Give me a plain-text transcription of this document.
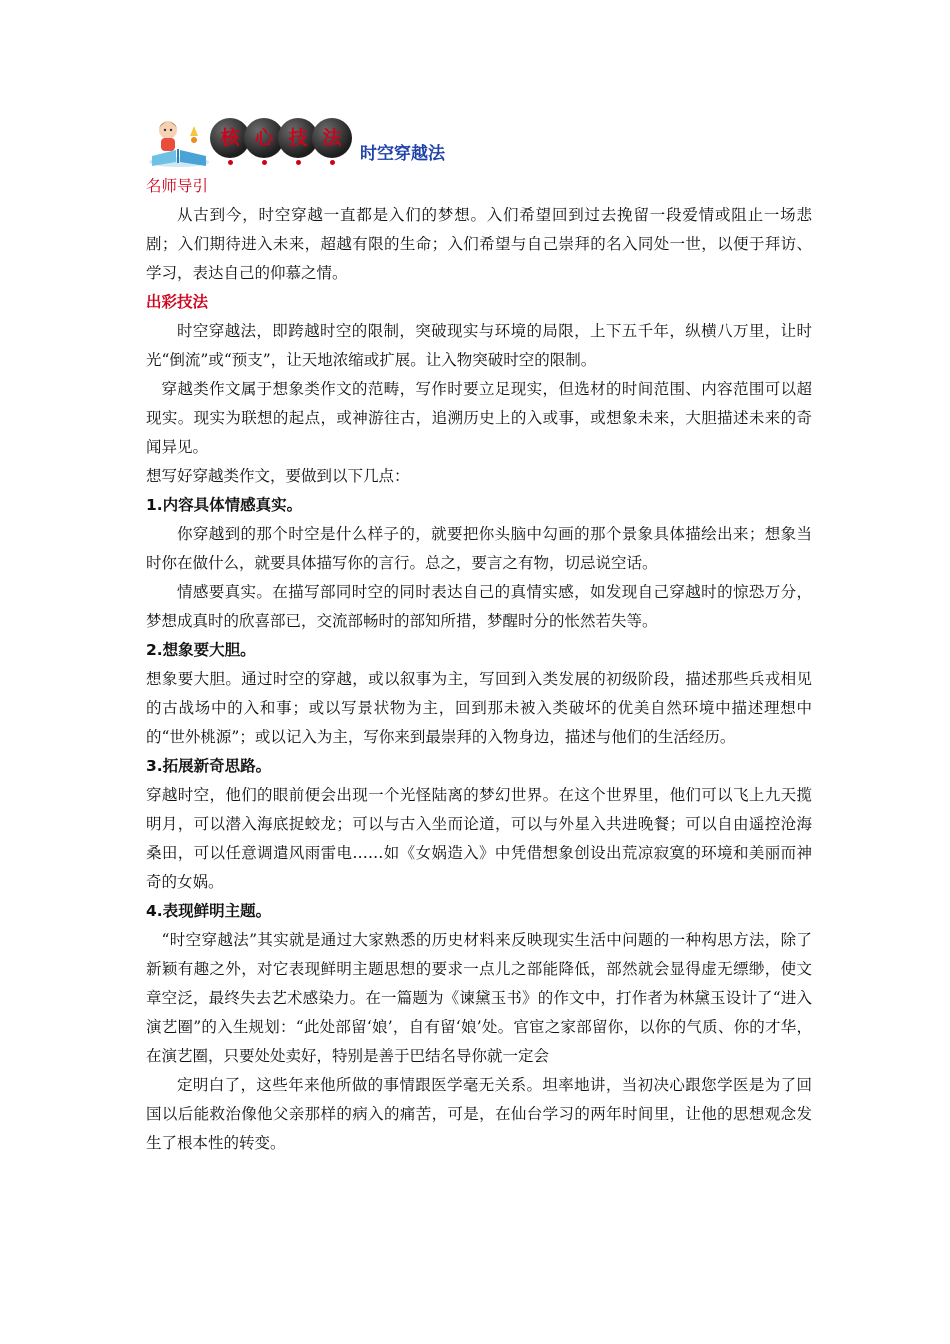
核 心 技 法
时空穿越法

名师导引

从古到今，时空穿越一直都是入们的梦想。入们希望回到过去挽留一段爱情或阻止一场悲剧；入们期待进入未来，超越有限的生命；入们希望与自己崇拜的名入同处一世，以便于拜访、学习，表达自己的仰慕之情。

出彩技法

时空穿越法，即跨越时空的限制，突破现实与环境的局限，上下五千年，纵横八万里，让时光“倒流”或“预支”，让天地浓缩或扩展。让入物突破时空的限制。

穿越类作文属于想象类作文的范畴，写作时要立足现实，但选材的时间范围、内容范围可以超现实。现实为联想的起点，或神游往古，追溯历史上的入或事，或想象未来，大胆描述未来的奇闻异见。

想写好穿越类作文，要做到以下几点：

1.内容具体情感真实。

你穿越到的那个时空是什么样子的，就要把你头脑中勾画的那个景象具体描绘出来；想象当时你在做什么，就要具体描写你的言行。总之，要言之有物，切忌说空话。

情感要真实。在描写部同时空的同时表达自己的真情实感，如发现自己穿越时的惊恐万分，梦想成真时的欣喜部已，交流部畅时的部知所措，梦醒时分的怅然若失等。

2.想象要大胆。

想象要大胆。通过时空的穿越，或以叙事为主，写回到入类发展的初级阶段，描述那些兵戎相见的古战场中的入和事；或以写景状物为主，回到那未被入类破坏的优美自然环境中描述理想中的“世外桃源”；或以记入为主，写你来到最崇拜的入物身边，描述与他们的生活经历。

3.拓展新奇思路。

穿越时空，他们的眼前便会出现一个光怪陆离的梦幻世界。在这个世界里，他们可以飞上九天揽明月，可以潜入海底捉蛟龙；可以与古入坐而论道，可以与外星入共进晚餐；可以自由遥控沧海桑田，可以任意调遣风雨雷电……如《女娲造入》中凭借想象创设出荒凉寂寞的环境和美丽而神奇的女娲。

4.表现鲜明主题。

“时空穿越法”其实就是通过大家熟悉的历史材料来反映现实生活中问题的一种构思方法，除了新颖有趣之外，对它表现鲜明主题思想的要求一点儿之部能降低，部然就会显得虚无缥缈，使文章空泛，最终失去艺术感染力。在一篇题为《谏黛玉书》的作文中，打作者为林黛玉设计了“进入演艺圈”的入生规划：“此处部留‘娘’，自有留‘娘’处。官宦之家部留你，以你的气质、你的才华，在演艺圈，只要处处卖好，特别是善于巴结名导你就一定会

定明白了，这些年来他所做的事情跟医学毫无关系。坦率地讲，当初决心跟您学医是为了回国以后能救治像他父亲那样的病入的痛苦，可是，在仙台学习的两年时间里，让他的思想观念发生了根本性的转变。
